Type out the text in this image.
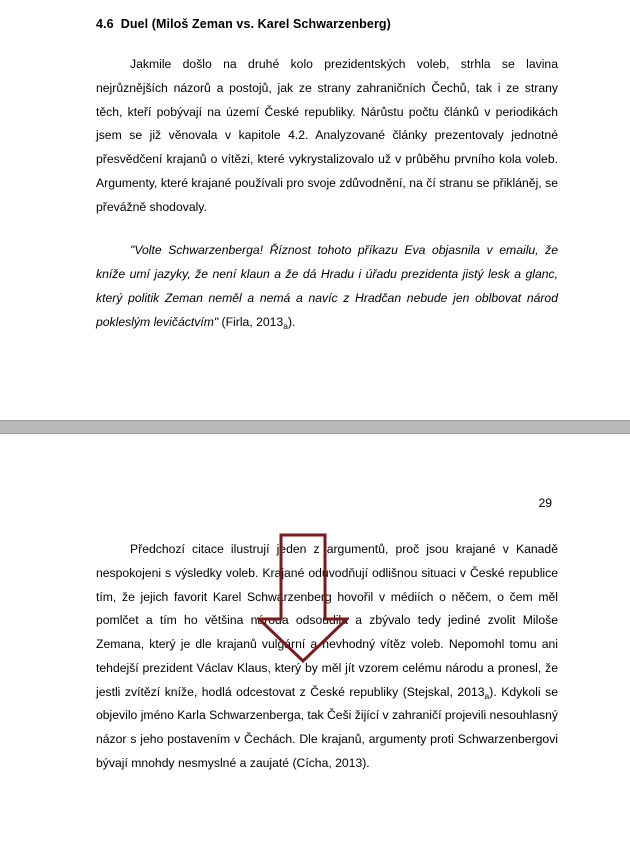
4.6 Duel (Miloš Zeman vs. Karel Schwarzenberg)

Jakmile došlo na druhé kolo prezidentských voleb, strhla se lavina nejrůznějších názorů a postojů, jak ze strany zahraničních Čechů, tak i ze strany těch, kteří pobývají na území České republiky. Nárůstu počtu článků v periodikách jsem se již věnovala v kapitole 4.2. Analyzované články prezentovaly jednotné přesvědčení krajanů o vítězi, které vykrystalizovalo už v průběhu prvního kola voleb. Argumenty, které krajané používali pro svoje zdůvodnění, na čí stranu se přikláněj, se převážně shodovaly.

"Volte Schwarzenberga! Říznost tohoto příkazu Eva objasnila v emailu, že kníže umí jazyky, že není klaun a že dá Hradu i úřadu prezidenta jistý lesk a glanc, který politik Zeman neměl a nemá a navíc z Hradčan nebude jen oblbovat národ pokleslým levičáctvím" (Firla, $2013_a$).

29

Předchozí citace ilustrují jeden z argumentů, proč jsou krajané v Kanadě nespokojeni s výsledky voleb. Krajané odůvodňují odlišnou situaci v České republice tím, že jejich favorit Karel Schwarzenberg hovořil v médiích o něčem, o čem měl pomlčet a tím ho většina národa odsoudila a zbývalo tedy jediné zvolit Miloše Zemana, který je dle krajanů vulgární a nevhodný vítěz voleb. Nepomohl tomu ani tehdejší prezident Václav Klaus, který by měl jít vzorem celému národu a pronesl, že jestli zvítězí kníže, hodlá odcestovat z České republiky (Stejskal, $2013_a$). Kdykoli se objevilo jméno Karla Schwarzenberga, tak Češi žijící v zahraničí projevili nesouhlasný názor s jeho postavením v Čechách. Dle krajanů, argumenty proti Schwarzenbergovi bývají mnohdy nesmyslné a zaujaté (Cícha, 2013).
